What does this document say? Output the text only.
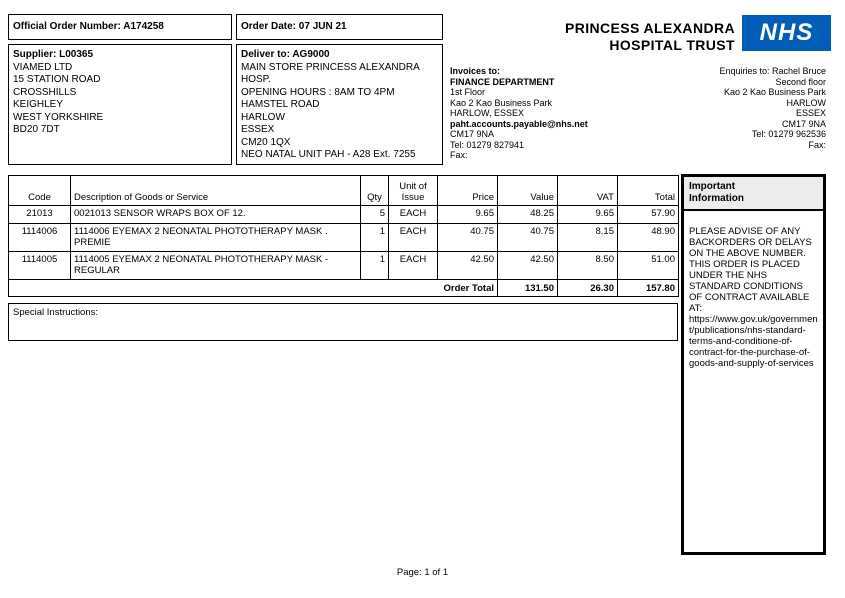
Official Order Number: A174258	Order Date: 07 JUN 21
Supplier: L00365
VIAMED LTD
15 STATION ROAD
CROSSHILLS
KEIGHLEY
WEST YORKSHIRE
BD20 7DT
Deliver to: AG9000
MAIN STORE PRINCESS ALEXANDRA
HOSP.
OPENING HOURS : 8AM TO 4PM
HAMSTEL ROAD
HARLOW
ESSEX
CM20 1QX
NEO NATAL UNIT PAH - A28 Ext. 7255
PRINCESS ALEXANDRA
HOSPITAL TRUST	NHS
Invoices to:
FINANCE DEPARTMENT
1st Floor
Kao 2 Kao Business Park
HARLOW, ESSEX
paht.accounts.payable@nhs.net
CM17 9NA
Tel: 01279 827941
Fax:
Enquiries to: Rachel Bruce
Second floor
Kao 2 Kao Business Park
HARLOW
ESSEX
CM17 9NA
Tel: 01279 962536
Fax:
Code	Description of Goods or Service	Qty	Unit of Issue	Price	Value	VAT	Total
21013	0021013 SENSOR WRAPS BOX OF 12.	5	EACH	9.65	48.25	9.65	57.90
1114006	1114006 EYEMAX 2 NEONATAL PHOTOTHERAPY MASK . PREMIE	1	EACH	40.75	40.75	8.15	48.90
1114005	1114005 EYEMAX 2 NEONATAL PHOTOTHERAPY MASK - REGULAR	1	EACH	42.50	42.50	8.50	51.00
Order Total					131.50	26.30	157.80
Special Instructions:
Important Information
PLEASE ADVISE OF ANY BACKORDERS OR DELAYS ON THE ABOVE NUMBER. THIS ORDER IS PLACED UNDER THE NHS STANDARD CONDITIONS OF CONTRACT AVAILABLE AT: https://www.gov.uk/government/publications/nhs-standard-terms-and-conditione-of-contract-for-the-purchase-of-goods-and-supply-of-services
Page: 1 of 1
